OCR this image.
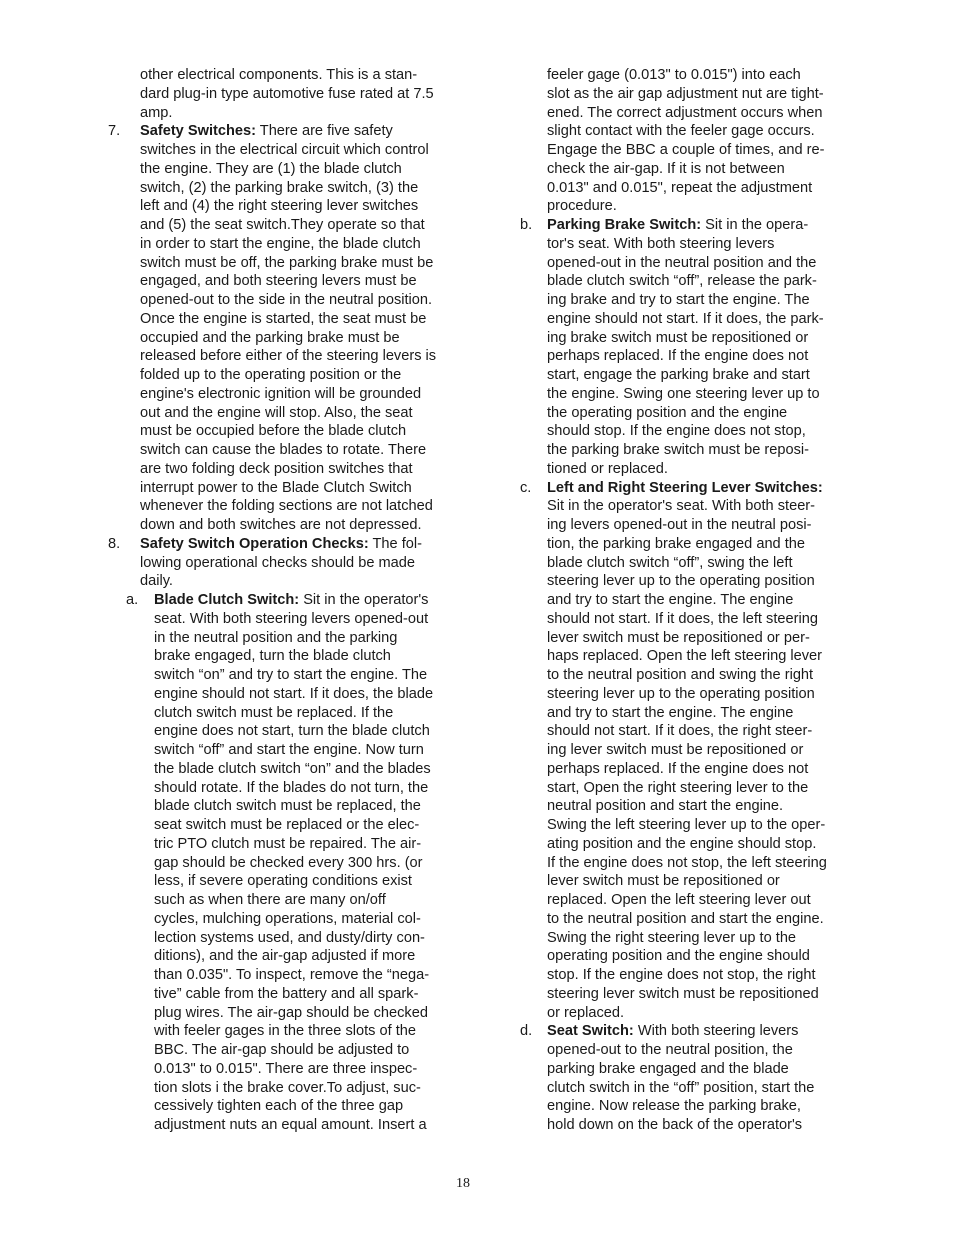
other electrical components. This is a stan-
dard plug-in type automotive fuse rated at 7.5
amp.
7. Safety Switches: There are five safety
switches in the electrical circuit which control
the engine. They are (1) the blade clutch
switch, (2) the parking brake switch, (3) the
left and (4) the right steering lever switches
and (5) the seat switch.They operate so that
in order to start the engine, the blade clutch
switch must be off, the parking brake must be
engaged, and both steering levers must be
opened-out to the side in the neutral position.
Once the engine is started, the seat must be
occupied and the parking brake must be
released before either of the steering levers is
folded up to the operating position or the
engine's electronic ignition will be grounded
out and the engine will stop. Also, the seat
must be occupied before the blade clutch
switch can cause the blades to rotate. There
are two folding deck position switches that
interrupt power to the Blade Clutch Switch
whenever the folding sections are not latched
down and both switches are not depressed.
8. Safety Switch Operation Checks: The fol-
lowing operational checks should be made
daily.
a. Blade Clutch Switch: Sit in the operator's
seat. With both steering levers opened-out
in the neutral position and the parking
brake engaged, turn the blade clutch
switch “on” and try to start the engine. The
engine should not start. If it does, the blade
clutch switch must be replaced. If the
engine does not start, turn the blade clutch
switch “off” and start the engine. Now turn
the blade clutch switch “on” and the blades
should rotate. If the blades do not turn, the
blade clutch switch must be replaced, the
seat switch must be replaced or the elec-
tric PTO clutch must be repaired. The air-
gap should be checked every 300 hrs. (or
less, if severe operating conditions exist
such as when there are many on/off
cycles, mulching operations, material col-
lection systems used, and dusty/dirty con-
ditions), and the air-gap adjusted if more
than 0.035". To inspect, remove the “nega-
tive” cable from the battery and all spark-
plug wires. The air-gap should be checked
with feeler gages in the three slots of the
BBC. The air-gap should be adjusted to
0.013" to 0.015". There are three inspec-
tion slots i the brake cover.To adjust, suc-
cessively tighten each of the three gap
adjustment nuts an equal amount. Insert a
feeler gage (0.013" to 0.015") into each
slot as the air gap adjustment nut are tight-
ened. The correct adjustment occurs when
slight contact with the feeler gage occurs.
Engage the BBC a couple of times, and re-
check the air-gap. If it is not between
0.013" and 0.015", repeat the adjustment
procedure.
b. Parking Brake Switch: Sit in the opera-
tor's seat. With both steering levers
opened-out in the neutral position and the
blade clutch switch “off”, release the park-
ing brake and try to start the engine. The
engine should not start. If it does, the park-
ing brake switch must be repositioned or
perhaps replaced. If the engine does not
start, engage the parking brake and start
the engine. Swing one steering lever up to
the operating position and the engine
should stop. If the engine does not stop,
the parking brake switch must be reposi-
tioned or replaced.
c. Left and Right Steering Lever Switches:
Sit in the operator's seat. With both steer-
ing levers opened-out in the neutral posi-
tion, the parking brake engaged and the
blade clutch switch “off”, swing the left
steering lever up to the operating position
and try to start the engine. The engine
should not start. If it does, the left steering
lever switch must be repositioned or per-
haps replaced. Open the left steering lever
to the neutral position and swing the right
steering lever up to the operating position
and try to start the engine. The engine
should not start. If it does, the right steer-
ing lever switch must be repositioned or
perhaps replaced. If the engine does not
start, Open the right steering lever to the
neutral position and start the engine.
Swing the left steering lever up to the oper-
ating position and the engine should stop.
If the engine does not stop, the left steering
lever switch must be repositioned or
replaced. Open the left steering lever out
to the neutral position and start the engine.
Swing the right steering lever up to the
operating position and the engine should
stop. If the engine does not stop, the right
steering lever switch must be repositioned
or replaced.
d. Seat Switch: With both steering levers
opened-out to the neutral position, the
parking brake engaged and the blade
clutch switch in the “off” position, start the
engine. Now release the parking brake,
hold down on the back of the operator's
18
